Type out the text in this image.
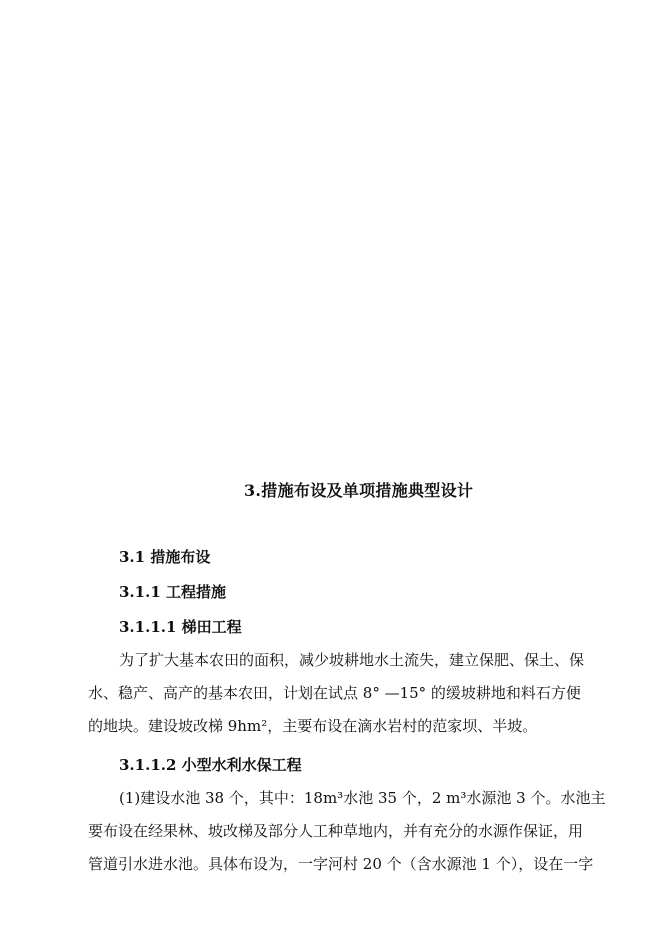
3.措施布设及单项措施典型设计
3.1 措施布设
3.1.1 工程措施
3.1.1.1 梯田工程
为了扩大基本农田的面积，减少坡耕地水土流失，建立保肥、保土、保
水、稳产、高产的基本农田，计划在试点 8° —15° 的缓坡耕地和料石方便
的地块。建设坡改梯 9hm²，主要布设在滴水岩村的范家坝、半坡。
3.1.1.2 小型水利水保工程
(1)建设水池 38 个，其中：18m³水池 35 个，2 m³水源池 3 个。水池主
要布设在经果林、坡改梯及部分人工种草地内，并有充分的水源作保证，用
管道引水进水池。具体布设为，一字河村 20 个（含水源池 1 个），设在一字
